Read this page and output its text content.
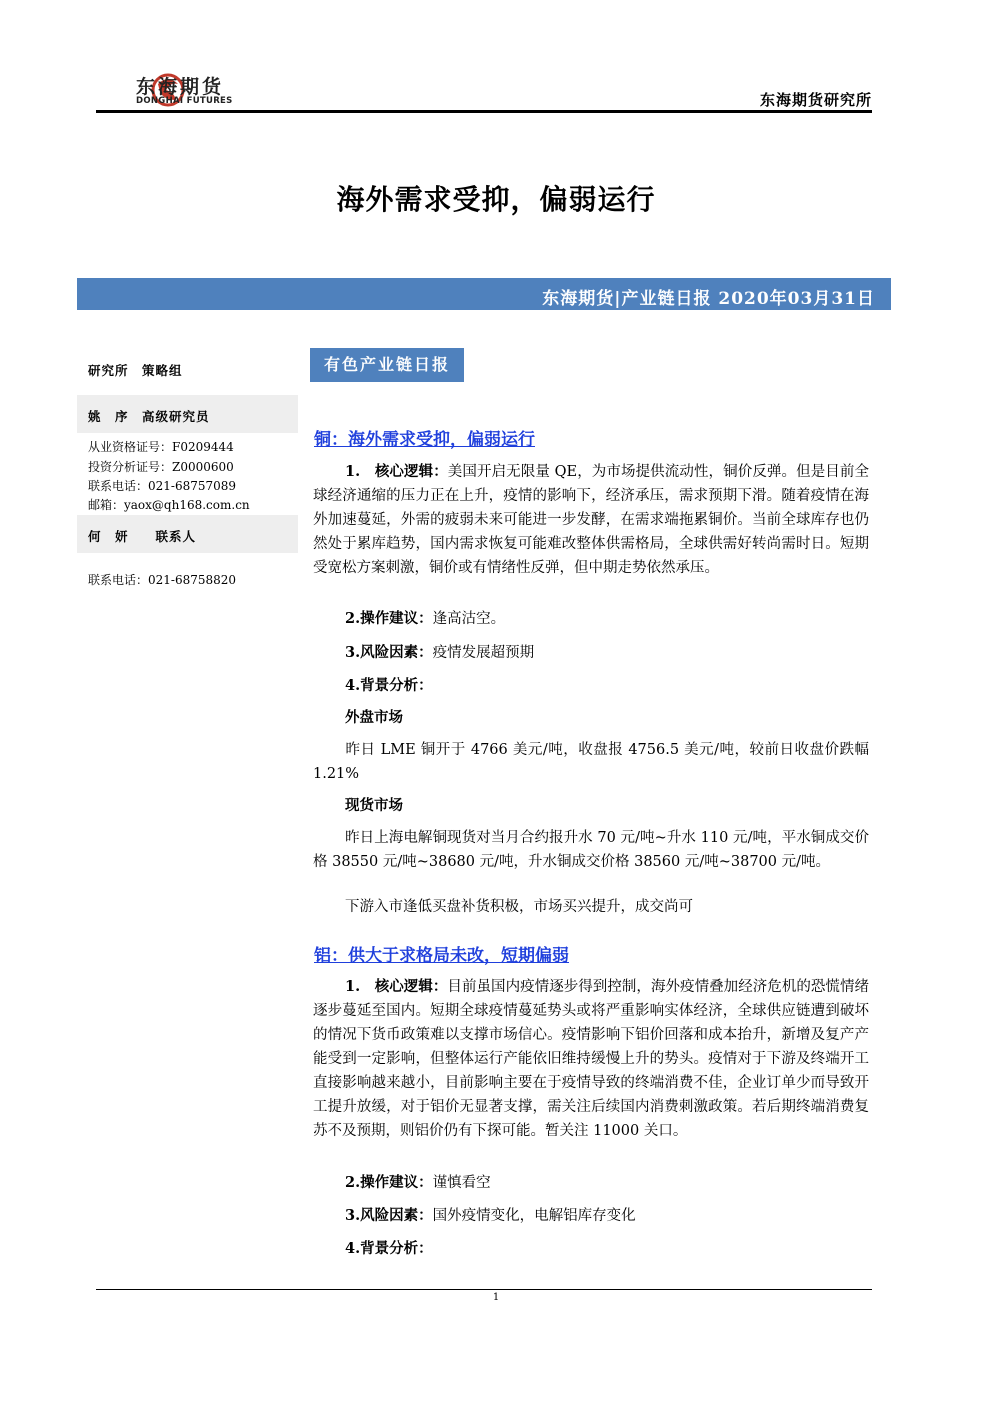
东海期货
DONGHAI FUTURES	东海期货研究所
海外需求受抑，偏弱运行
东海期货|产业链日报 2020年03月31日
研究所　策略组
姚　序　高级研究员
从业资格证号：F0209444
投资分析证号：Z0000600
联系电话：021-68757089
邮箱：yaox@qh168.com.cn
何　妍　　联系人
联系电话：021-68758820
有色产业链日报
铜：海外需求受抑，偏弱运行
1.　核心逻辑：美国开启无限量 QE，为市场提供流动性，铜价反弹。但是目前全球经济通缩的压力正在上升，疫情的影响下，经济承压，需求预期下滑。随着疫情在海外加速蔓延，外需的疲弱未来可能进一步发酵，在需求端拖累铜价。当前全球库存也仍然处于累库趋势，国内需求恢复可能难改整体供需格局，全球供需好转尚需时日。短期受宽松方案刺激，铜价或有情绪性反弹，但中期走势依然承压。
2.操作建议：逢高沽空。
3.风险因素：疫情发展超预期
4.背景分析：
外盘市场
昨日 LME 铜开于 4766 美元/吨，收盘报 4756.5 美元/吨，较前日收盘价跌幅 1.21%
现货市场
昨日上海电解铜现货对当月合约报升水 70 元/吨~升水 110 元/吨，平水铜成交价格 38550 元/吨~38680 元/吨，升水铜成交价格 38560 元/吨~38700 元/吨。
下游入市逢低买盘补货积极，市场买兴提升，成交尚可
铝：供大于求格局未改，短期偏弱
1.　核心逻辑：目前虽国内疫情逐步得到控制，海外疫情叠加经济危机的恐慌情绪逐步蔓延至国内。短期全球疫情蔓延势头或将严重影响实体经济，全球供应链遭到破坏的情况下货币政策难以支撑市场信心。疫情影响下铝价回落和成本抬升，新增及复产产能受到一定影响，但整体运行产能依旧维持缓慢上升的势头。疫情对于下游及终端开工直接影响越来越小，目前影响主要在于疫情导致的终端消费不佳，企业订单少而导致开工提升放缓，对于铝价无显著支撑，需关注后续国内消费刺激政策。若后期终端消费复苏不及预期，则铝价仍有下探可能。暂关注 11000 关口。
2.操作建议：谨慎看空
3.风险因素：国外疫情变化，电解铝库存变化
4.背景分析：
1
